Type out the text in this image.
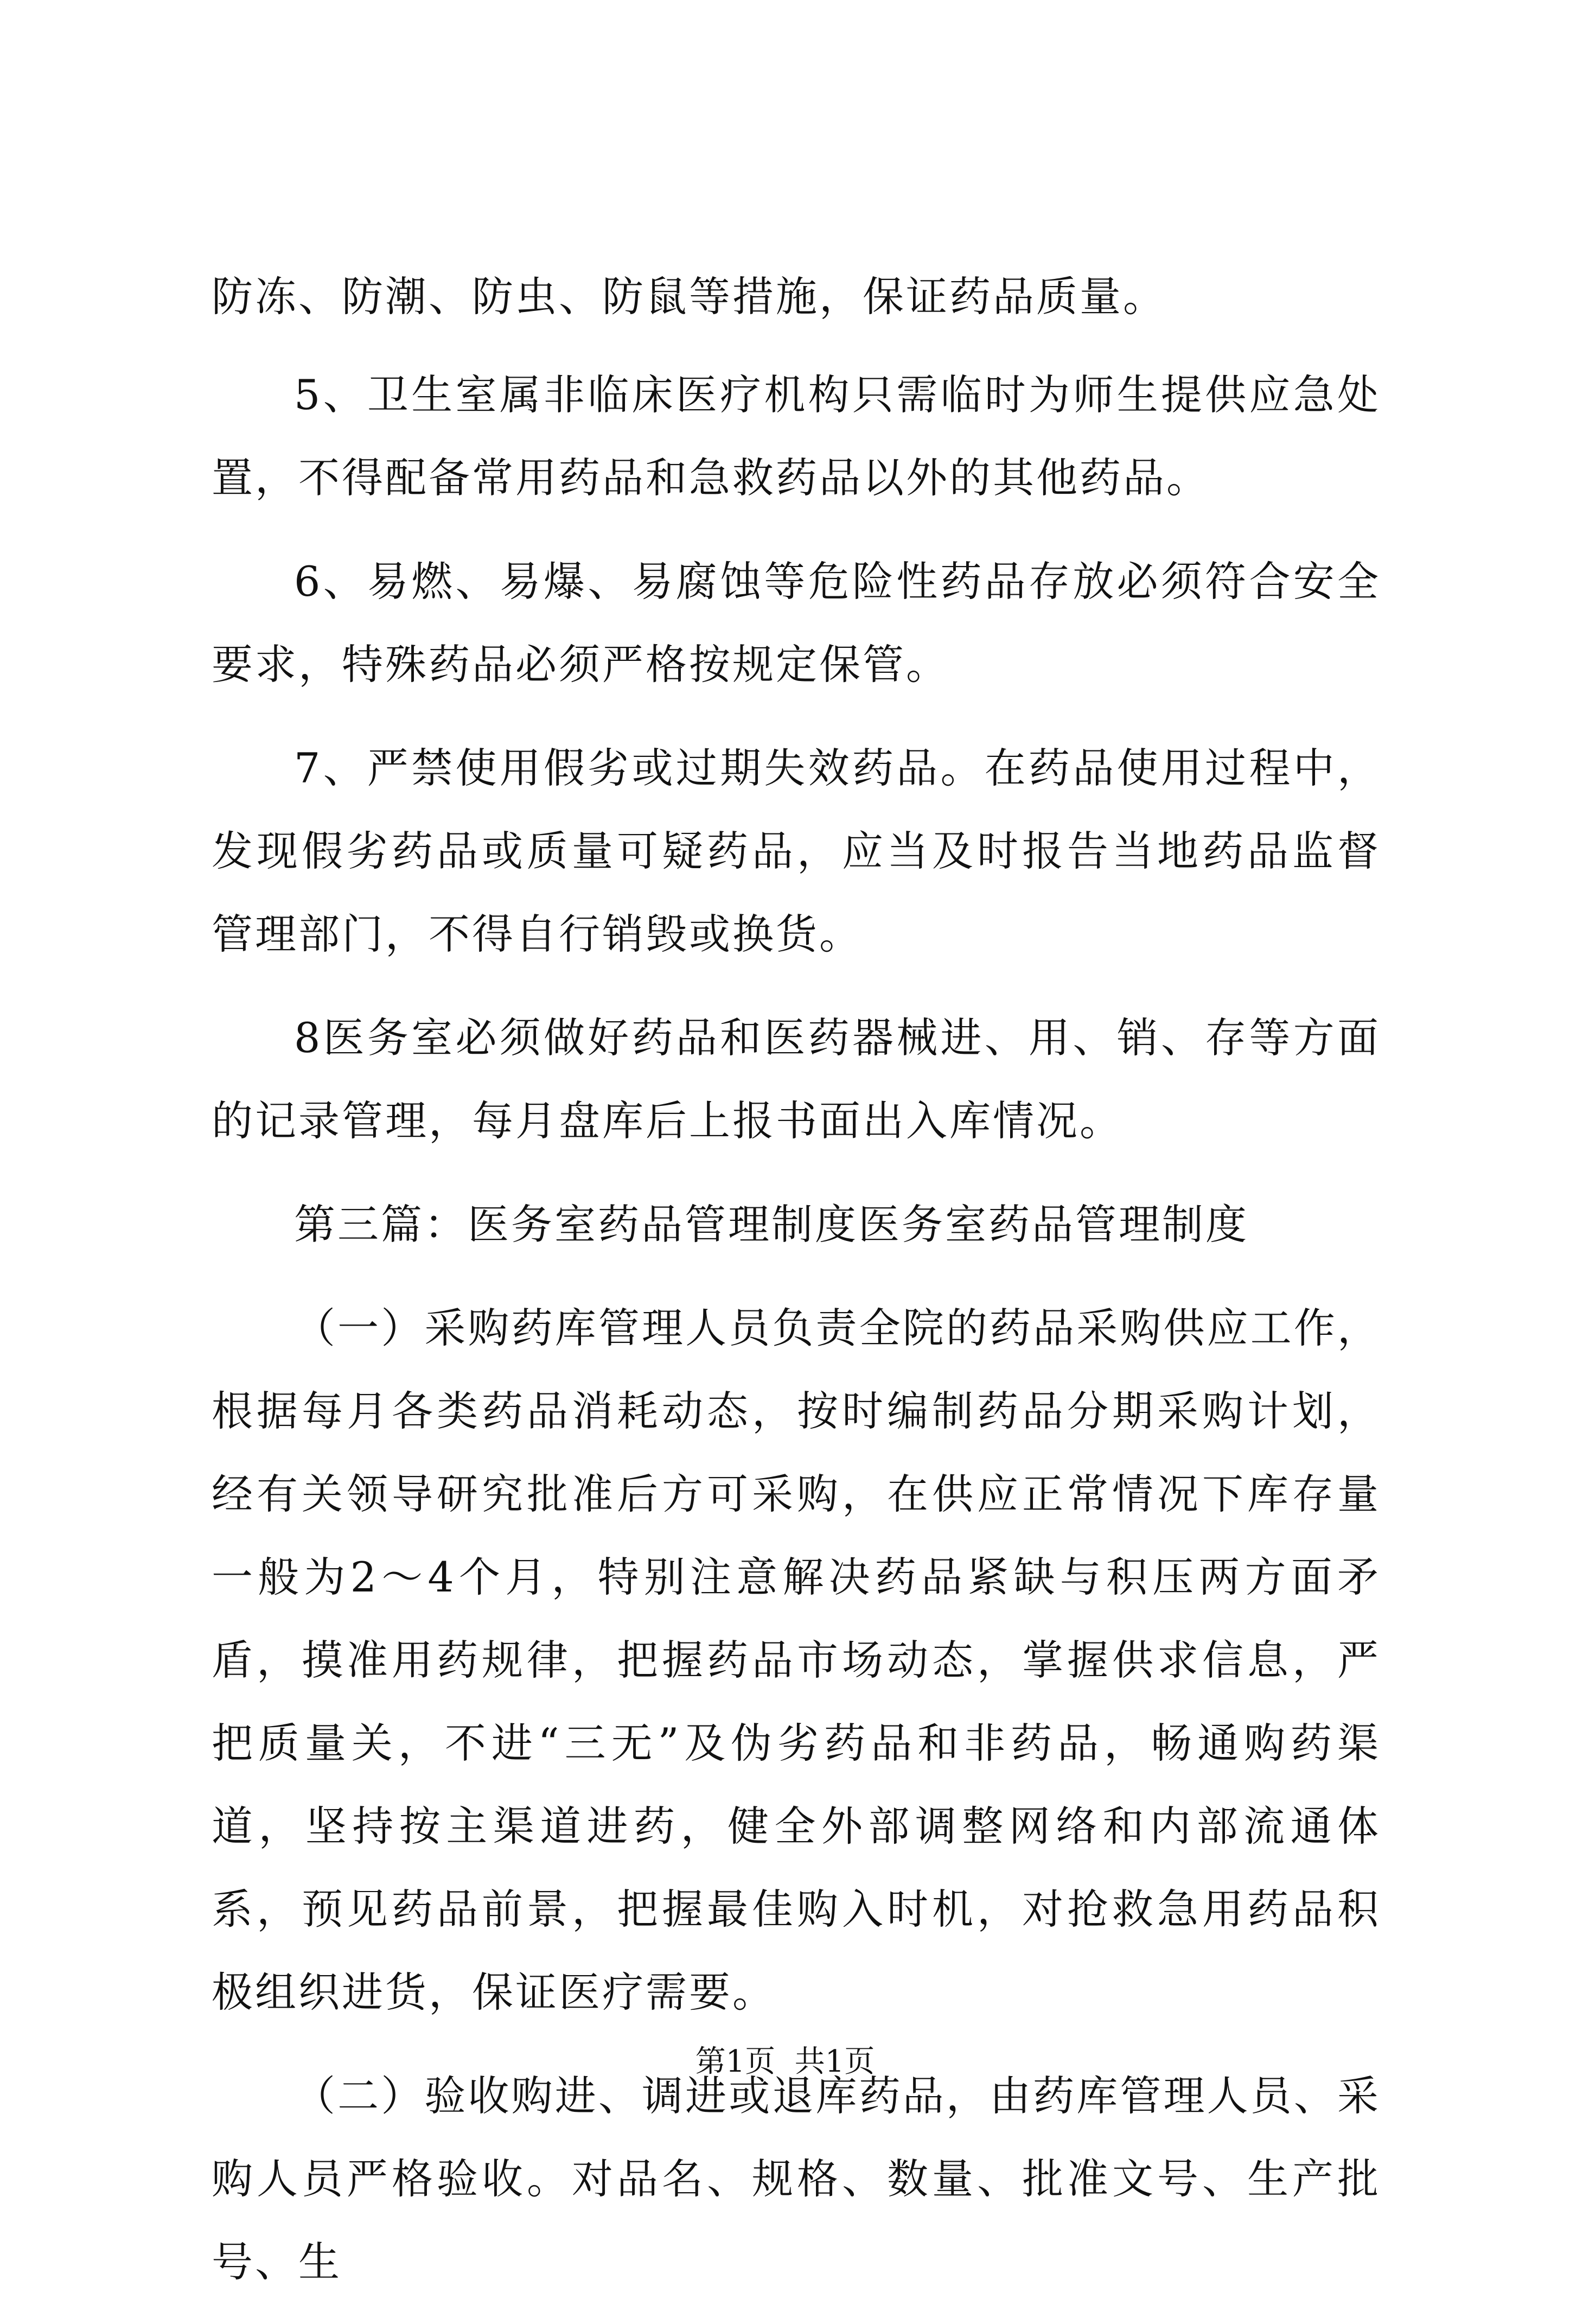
防冻、防潮、防虫、防鼠等措施，保证药品质量。

5、卫生室属非临床医疗机构只需临时为师生提供应急处置，不得配备常用药品和急救药品以外的其他药品。

6、易燃、易爆、易腐蚀等危险性药品存放必须符合安全要求，特殊药品必须严格按规定保管。

7、严禁使用假劣或过期失效药品。在药品使用过程中，发现假劣药品或质量可疑药品，应当及时报告当地药品监督管理部门，不得自行销毁或换货。

8医务室必须做好药品和医药器械进、用、销、存等方面的记录管理，每月盘库后上报书面出入库情况。

第三篇：医务室药品管理制度医务室药品管理制度

（一）采购药库管理人员负责全院的药品采购供应工作，根据每月各类药品消耗动态，按时编制药品分期采购计划，经有关领导研究批准后方可采购，在供应正常情况下库存量一般为2～4个月，特别注意解决药品紧缺与积压两方面矛盾，摸准用药规律，把握药品市场动态，掌握供求信息，严把质量关，不进“三无”及伪劣药品和非药品，畅通购药渠道，坚持按主渠道进药，健全外部调整网络和内部流通体系，预见药品前景，把握最佳购入时机，对抢救急用药品积极组织进货，保证医疗需要。

（二）验收购进、调进或退库药品，由药库管理人员、采购人员严格验收。对品名、规格、数量、批准文号、生产批号、生

第1页  共1页
